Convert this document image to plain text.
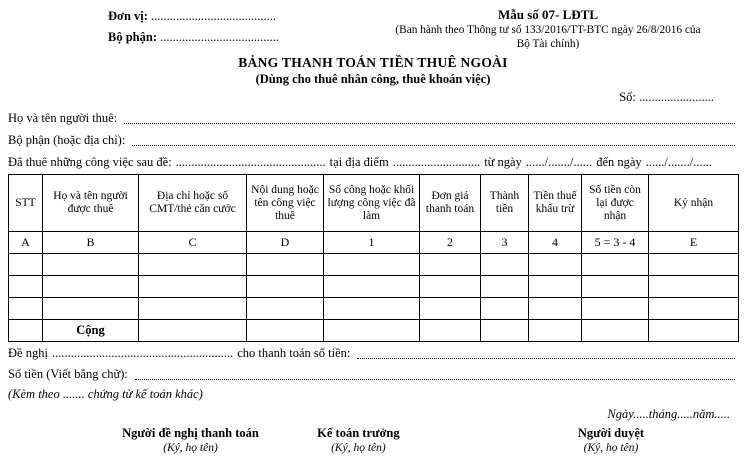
Đơn vị: ........................................
Bộ phận: ......................................
Mẫu số 07- LĐTL
(Ban hành theo Thông tư số 133/2016/TT-BTC ngày 26/8/2016 của
Bộ Tài chính)
BẢNG THANH TOÁN TIỀN THUÊ NGOÀI
(Dùng cho thuê nhân công, thuê khoán việc)
Số: ........................
Họ và tên người thuê:
Bộ phận (hoặc địa chỉ):
Đã thuê những công việc sau đề: ................................................ tại địa điểm ............................ từ ngày ....../......./...... đến ngày ....../......./......
STT	Họ và tên người được thuê	Địa chỉ hoặc số CMT/thẻ căn cước	Nội dung hoặc tên công việc thuê	Số công hoặc khối lượng công việc đã làm	Đơn giá thanh toán	Thành tiền	Tiền thuế khấu trừ	Số tiền còn lại được nhận	Ký nhận
A	B	C	D	1	2	3	4	5 = 3 - 4	E

	Cộng								
Đề nghị .......................................................... cho thanh toán số tiền:
Số tiền (Viết bằng chữ):
(Kèm theo ....... chứng từ kế toán khác)
Ngày.....tháng.....năm.....
Người đề nghị thanh toán
(Ký, họ tên)
Kế toán trưởng
(Ký, họ tên)
Người duyệt
(Ký, họ tên)
